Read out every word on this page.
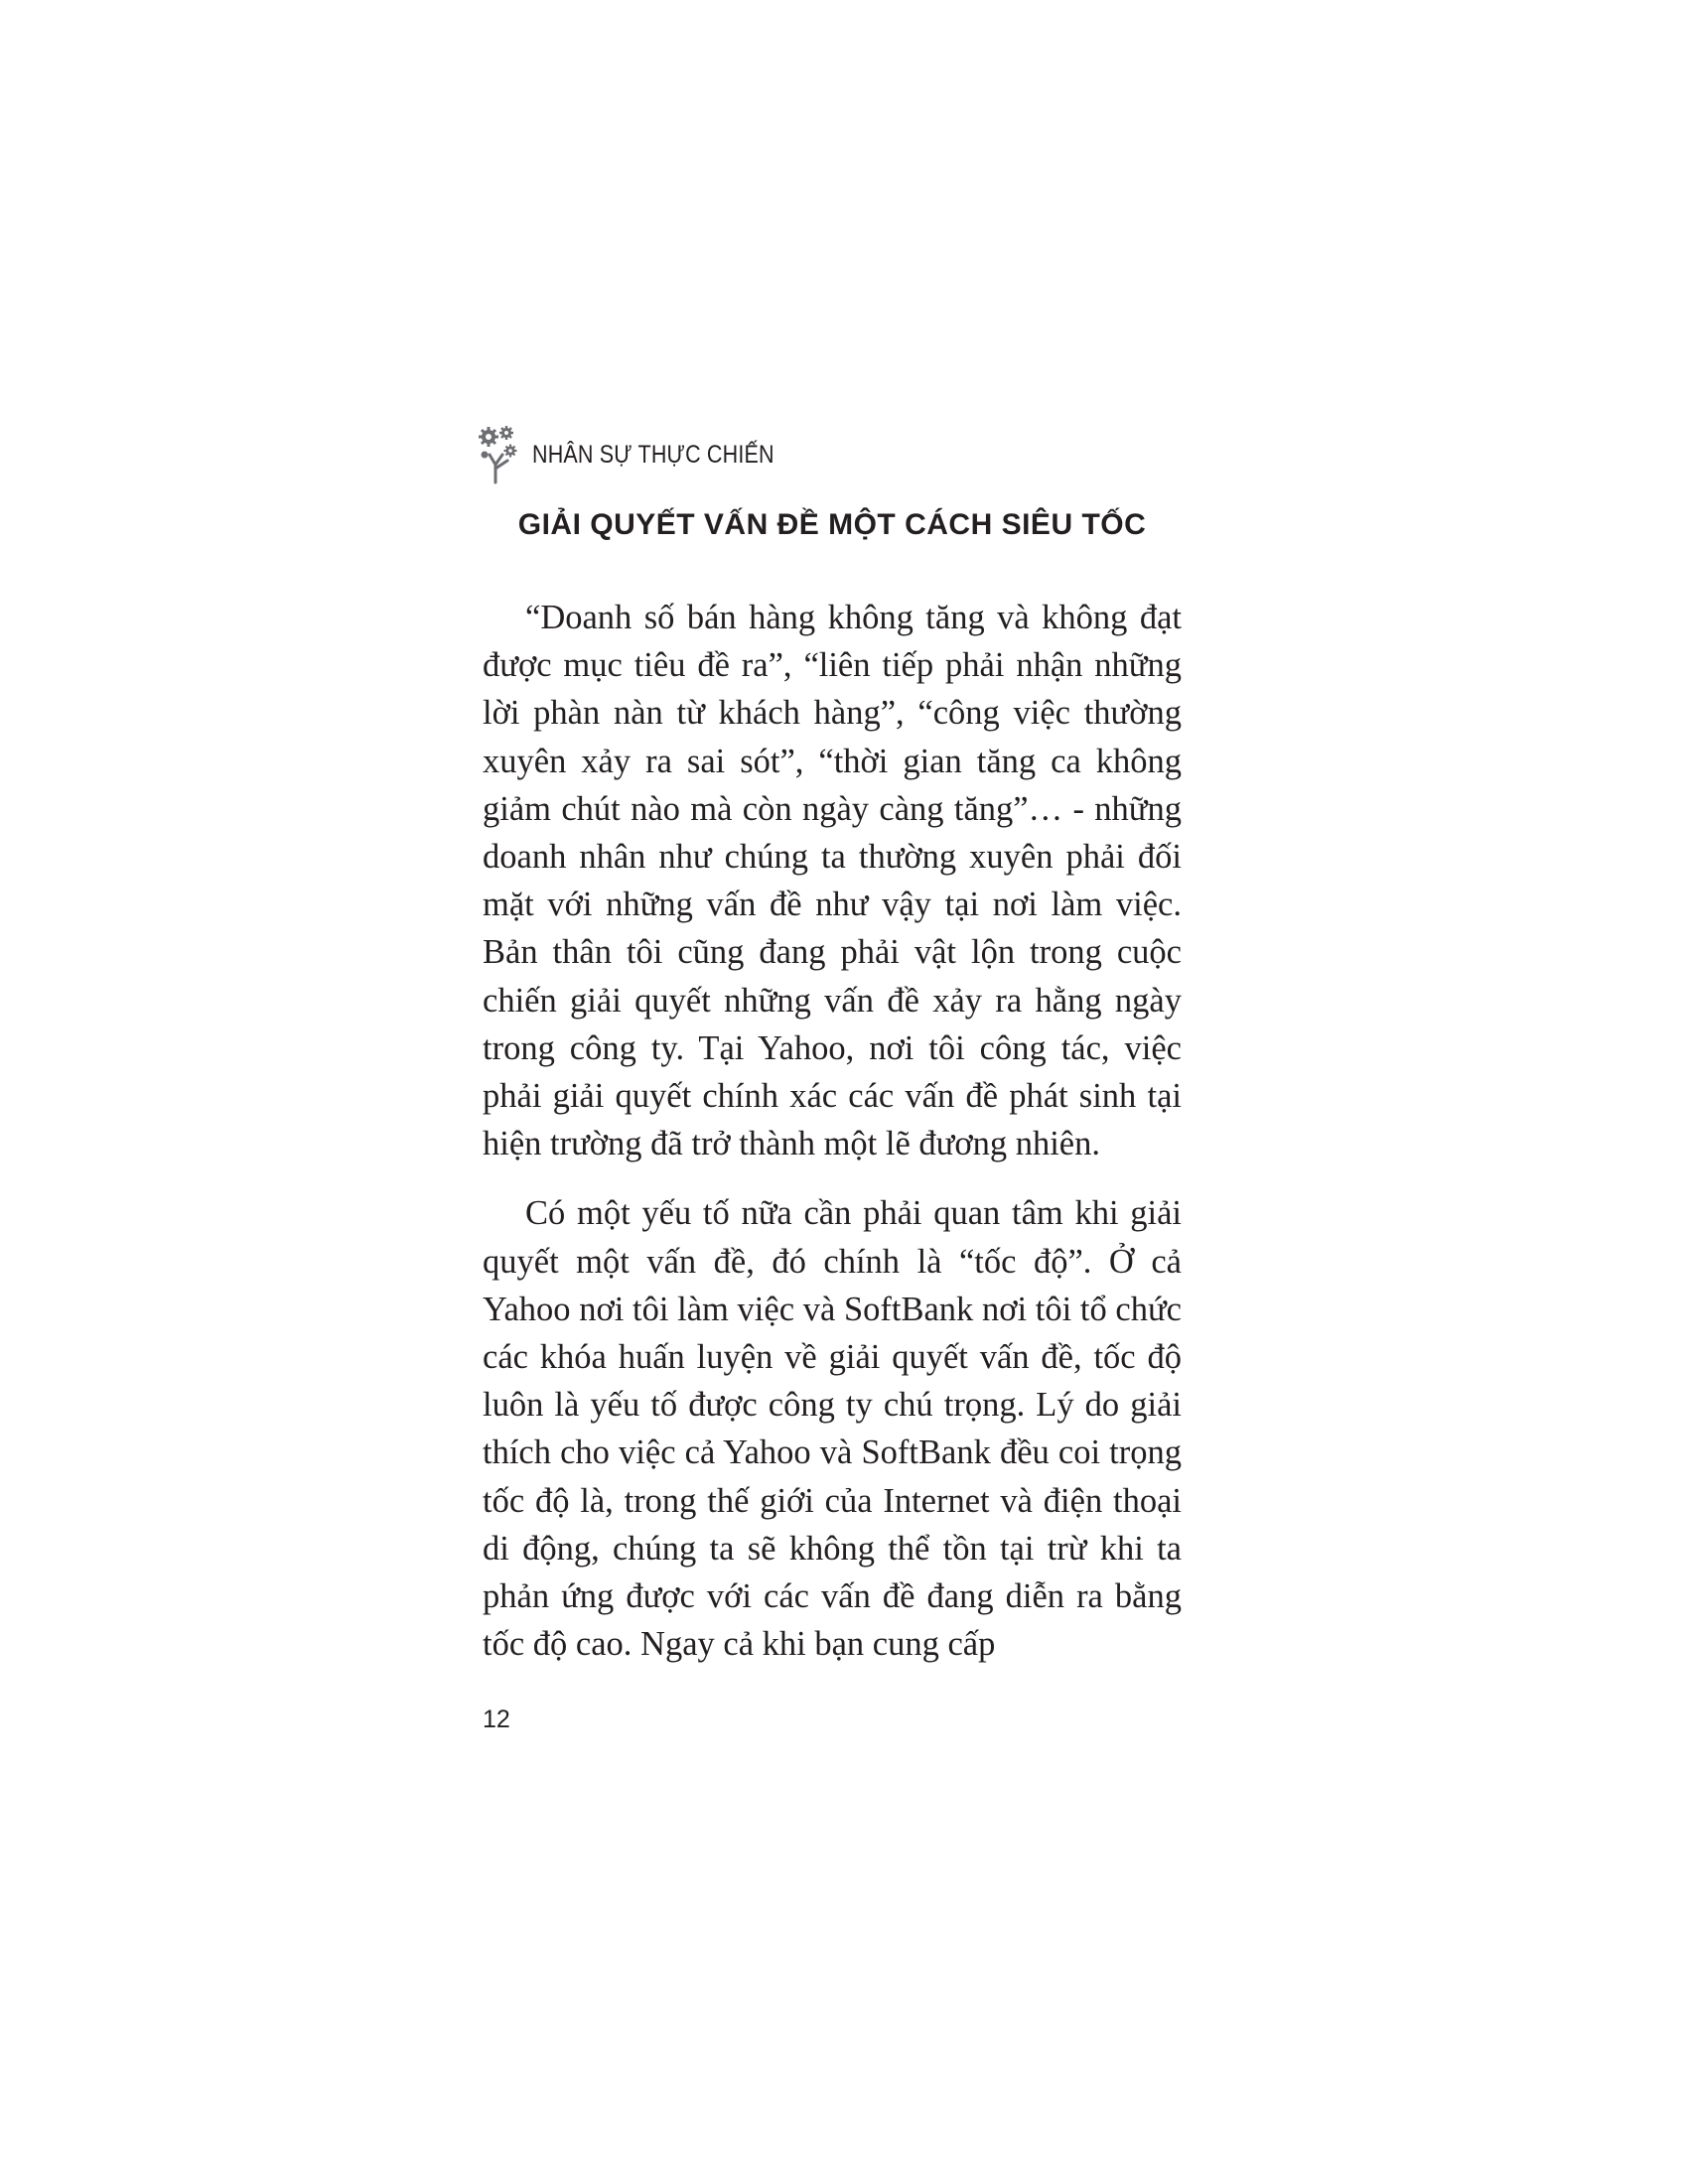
NHÂN SỰ THỰC CHIẾN
GIẢI QUYẾT VẤN ĐỀ MỘT CÁCH SIÊU TỐC

“Doanh số bán hàng không tăng và không đạt được mục tiêu đề ra”, “liên tiếp phải nhận những lời phàn nàn từ khách hàng”, “công việc thường xuyên xảy ra sai sót”, “thời gian tăng ca không giảm chút nào mà còn ngày càng tăng”… - những doanh nhân như chúng ta thường xuyên phải đối mặt với những vấn đề như vậy tại nơi làm việc. Bản thân tôi cũng đang phải vật lộn trong cuộc chiến giải quyết những vấn đề xảy ra hằng ngày trong công ty. Tại Yahoo, nơi tôi công tác, việc phải giải quyết chính xác các vấn đề phát sinh tại hiện trường đã trở thành một lẽ đương nhiên.

Có một yếu tố nữa cần phải quan tâm khi giải quyết một vấn đề, đó chính là “tốc độ”. Ở cả Yahoo nơi tôi làm việc và SoftBank nơi tôi tổ chức các khóa huấn luyện về giải quyết vấn đề, tốc độ luôn là yếu tố được công ty chú trọng. Lý do giải thích cho việc cả Yahoo và SoftBank đều coi trọng tốc độ là, trong thế giới của Internet và điện thoại di động, chúng ta sẽ không thể tồn tại trừ khi ta phản ứng được với các vấn đề đang diễn ra bằng tốc độ cao. Ngay cả khi bạn cung cấp

12
